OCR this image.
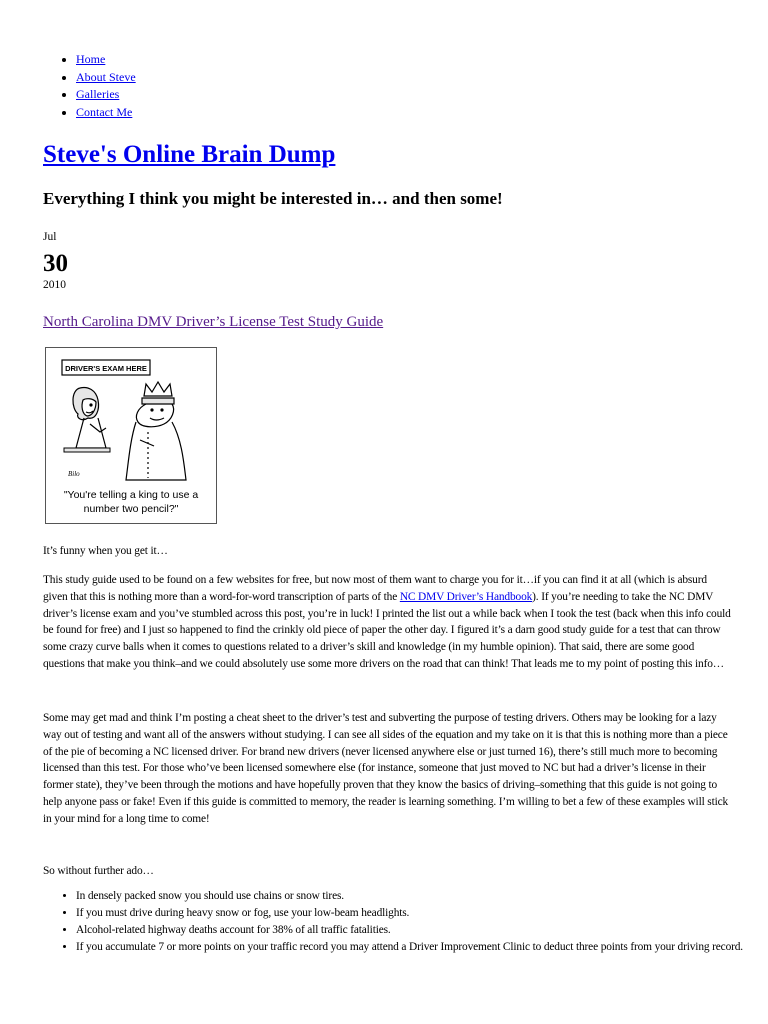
• Home
• About Steve
• Galleries
• Contact Me
Steve's Online Brain Dump
Everything I think you might be interested in… and then some!
Jul
30
2010
North Carolina DMV Driver’s License Test Study Guide
DRIVER'S EXAM HERE
Bilo
"You're telling a king to use a
number two pencil?"

It’s funny when you get it…

This study guide used to be found on a few websites for free, but now most of them want to charge you for it…if you can find it at all (which is absurd given that this is nothing more than a word-for-word transcription of parts of the NC DMV Driver’s Handbook). If you’re needing to take the NC DMV driver’s license exam and you’ve stumbled across this post, you’re in luck! I printed the list out a while back when I took the test (back when this info could be found for free) and I just so happened to find the crinkly old piece of paper the other day. I figured it’s a darn good study guide for a test that can throw some crazy curve balls when it comes to questions related to a driver’s skill and knowledge (in my humble opinion). That said, there are some good questions that make you think–and we could absolutely use some more drivers on the road that can think! That leads me to my point of posting this info…

Some may get mad and think I’m posting a cheat sheet to the driver’s test and subverting the purpose of testing drivers. Others may be looking for a lazy way out of testing and want all of the answers without studying. I can see all sides of the equation and my take on it is that this is nothing more than a piece of the pie of becoming a NC licensed driver. For brand new drivers (never licensed anywhere else or just turned 16), there’s still much more to becoming licensed than this test. For those who’ve been licensed somewhere else (for instance, someone that just moved to NC but had a driver’s license in their former state), they’ve been through the motions and have hopefully proven that they know the basics of driving–something that this guide is not going to help anyone pass or fake! Even if this guide is committed to memory, the reader is learning something. I’m willing to bet a few of these examples will stick in your mind for a long time to come!

So without further ado…

• In densely packed snow you should use chains or snow tires.
• If you must drive during heavy snow or fog, use your low-beam headlights.
• Alcohol-related highway deaths account for 38% of all traffic fatalities.
• If you accumulate 7 or more points on your traffic record you may attend a Driver Improvement Clinic to deduct three points from your driving record.
